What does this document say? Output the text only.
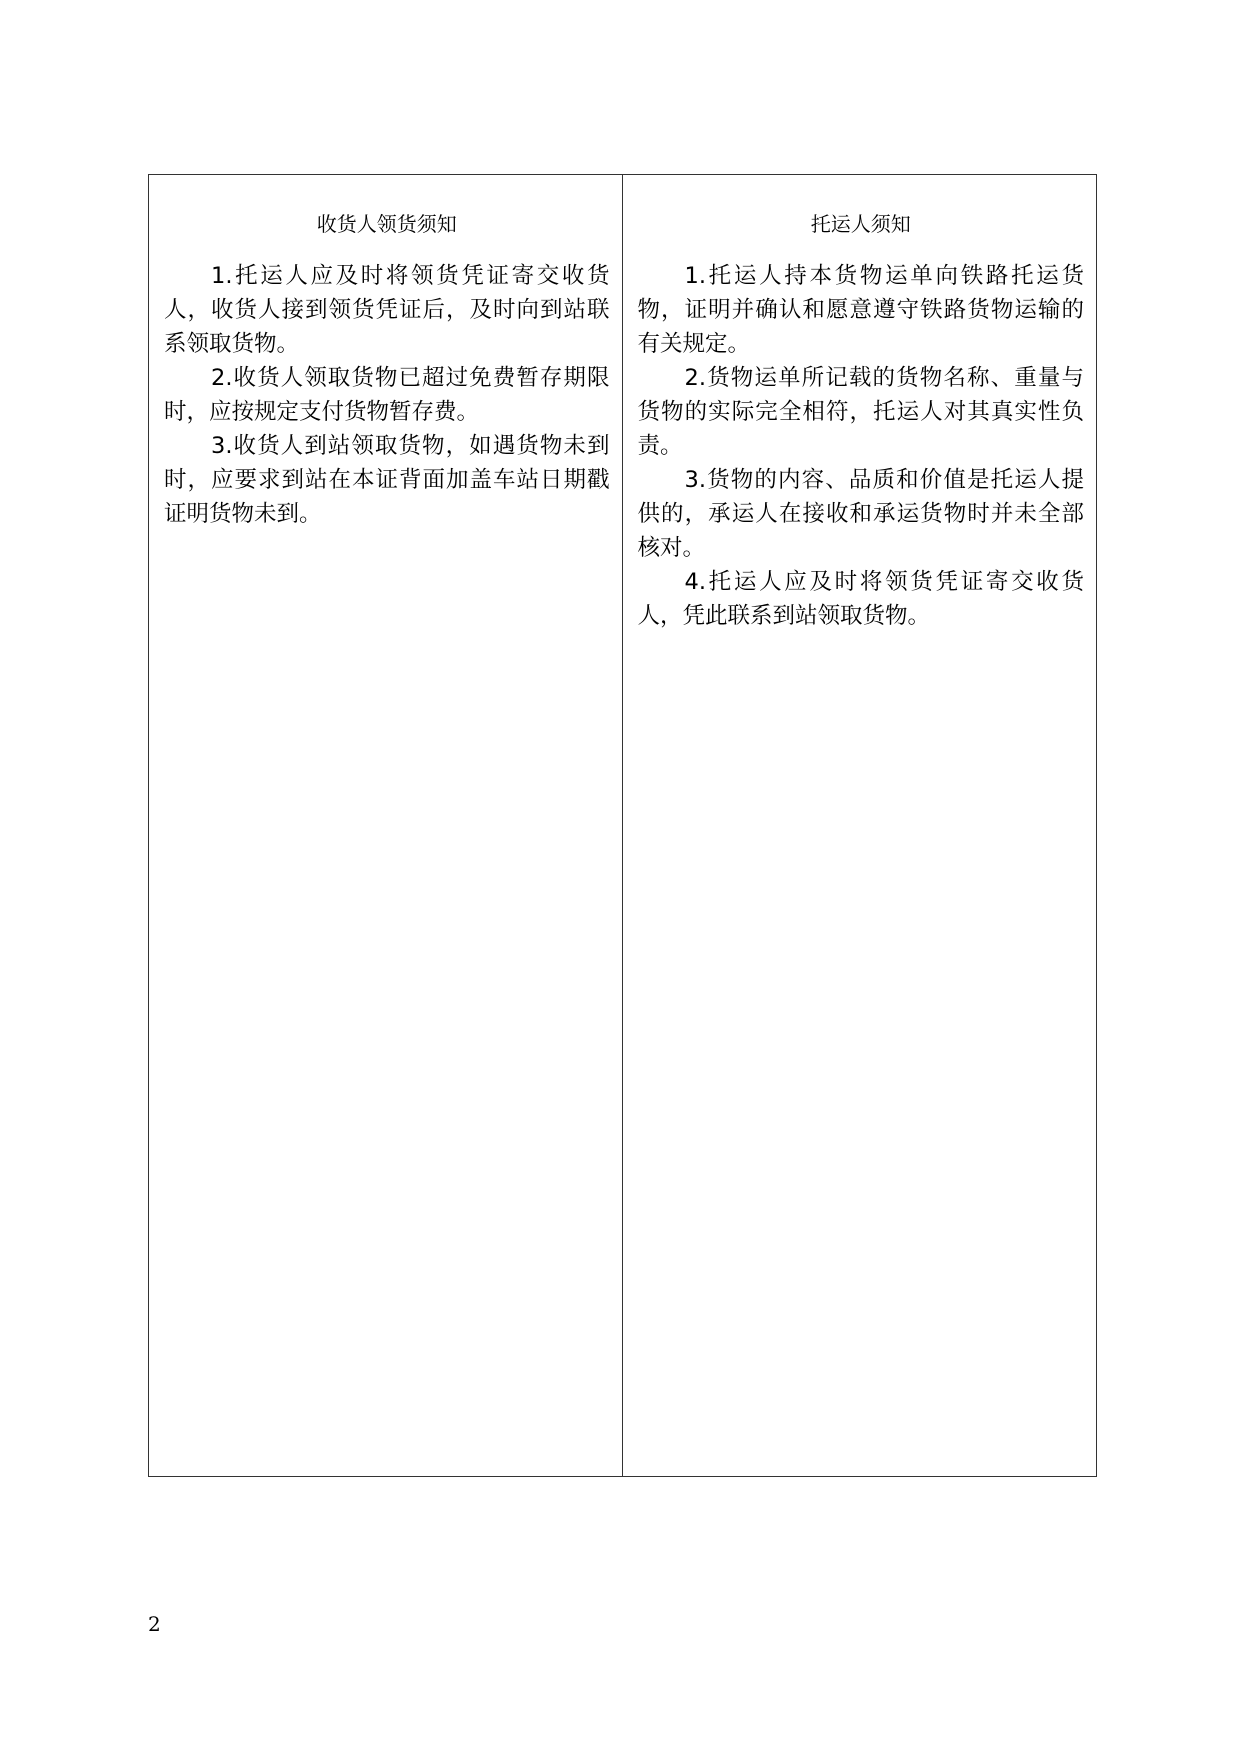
收货人领货须知

1.托运人应及时将领货凭证寄交收货人，收货人接到领货凭证后，及时向到站联系领取货物。

2.收货人领取货物已超过免费暂存期限时，应按规定支付货物暂存费。

3.收货人到站领取货物，如遇货物未到时，应要求到站在本证背面加盖车站日期戳证明货物未到。

托运人须知

1.托运人持本货物运单向铁路托运货物，证明并确认和愿意遵守铁路货物运输的有关规定。

2.货物运单所记载的货物名称、重量与货物的实际完全相符，托运人对其真实性负责。

3.货物的内容、品质和价值是托运人提供的，承运人在接收和承运货物时并未全部核对。

4.托运人应及时将领货凭证寄交收货人，凭此联系到站领取货物。

2
